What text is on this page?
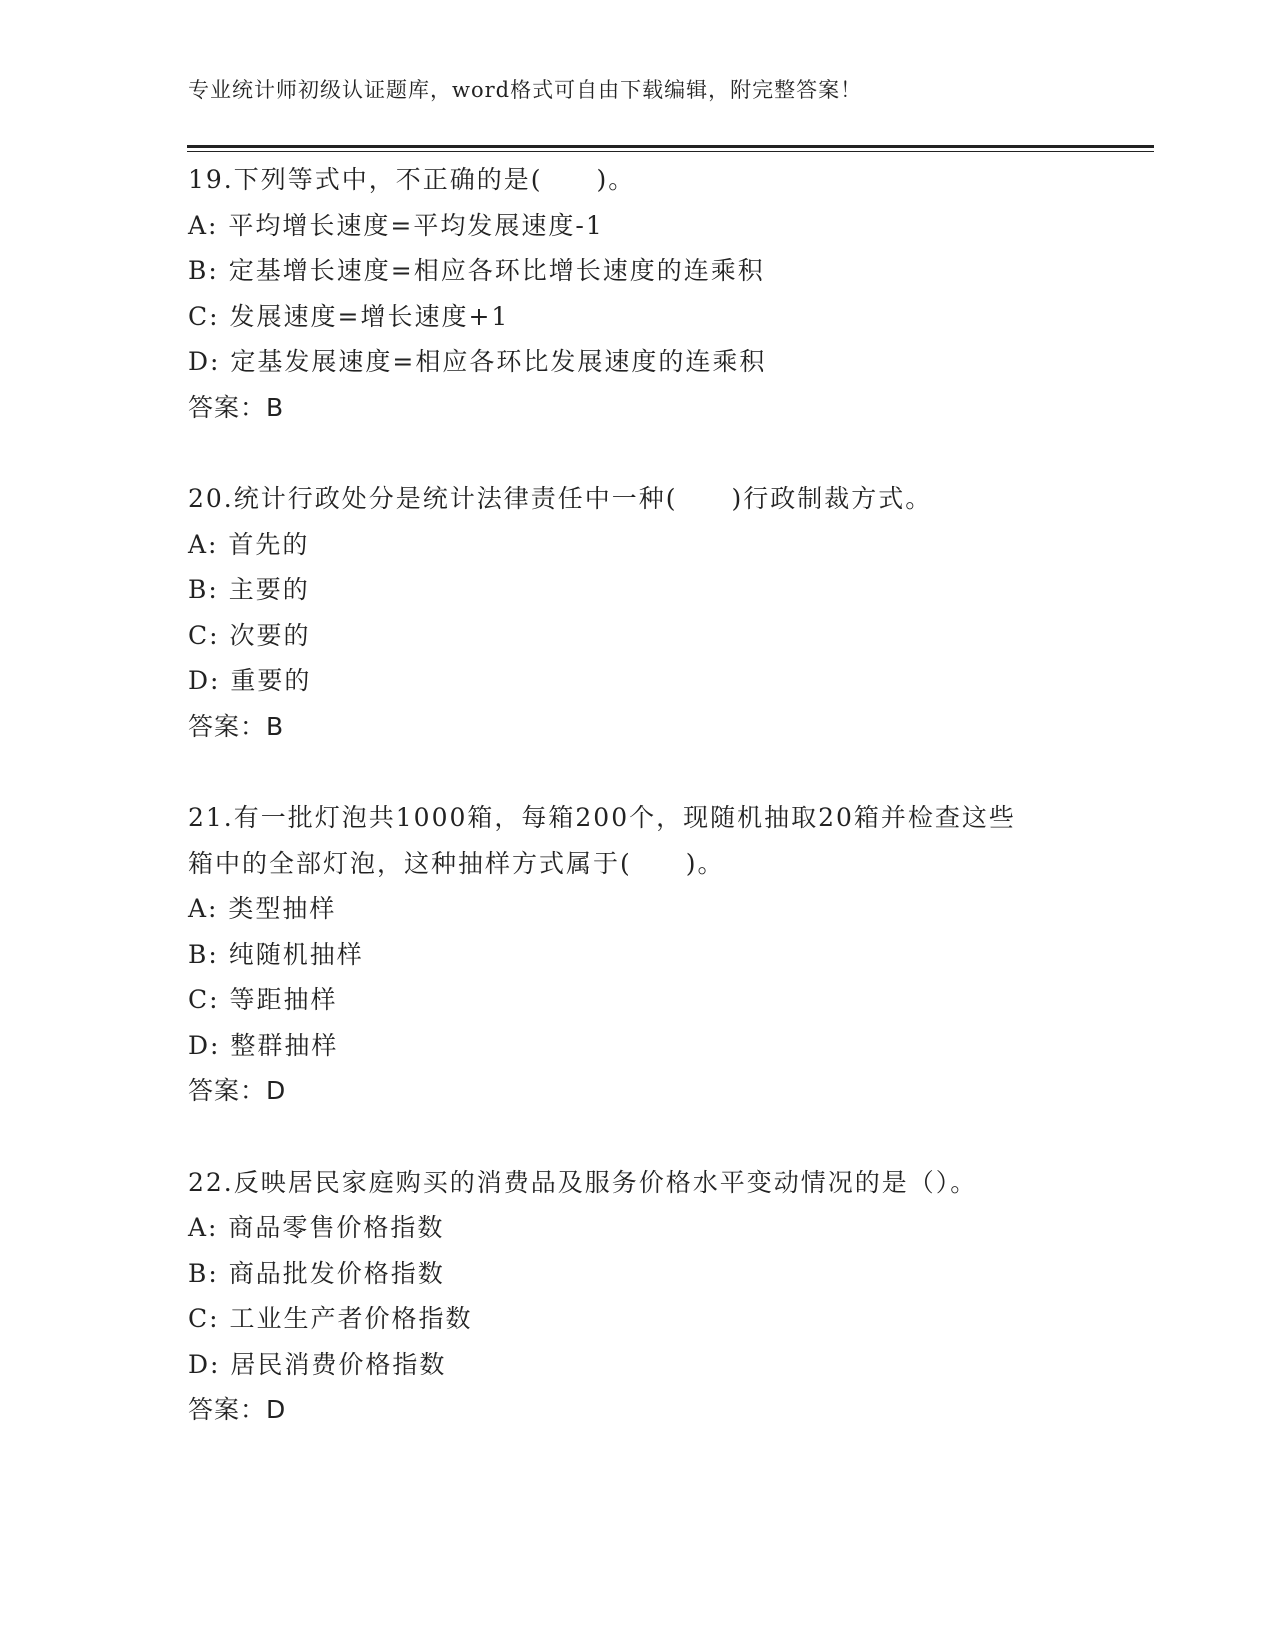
专业统计师初级认证题库，word格式可自由下载编辑，附完整答案！
19.下列等式中，不正确的是(　　)。
A: 平均增长速度=平均发展速度-1
B: 定基增长速度=相应各环比增长速度的连乘积
C: 发展速度=增长速度+1
D: 定基发展速度=相应各环比发展速度的连乘积
答案：B
20.统计行政处分是统计法律责任中一种(　　)行政制裁方式。
A: 首先的
B: 主要的
C: 次要的
D: 重要的
答案：B
21.有一批灯泡共1000箱，每箱200个，现随机抽取20箱并检查这些
箱中的全部灯泡，这种抽样方式属于(　　)。
A: 类型抽样
B: 纯随机抽样
C: 等距抽样
D: 整群抽样
答案：D
22.反映居民家庭购买的消费品及服务价格水平变动情况的是（）。
A: 商品零售价格指数
B: 商品批发价格指数
C: 工业生产者价格指数
D: 居民消费价格指数
答案：D
